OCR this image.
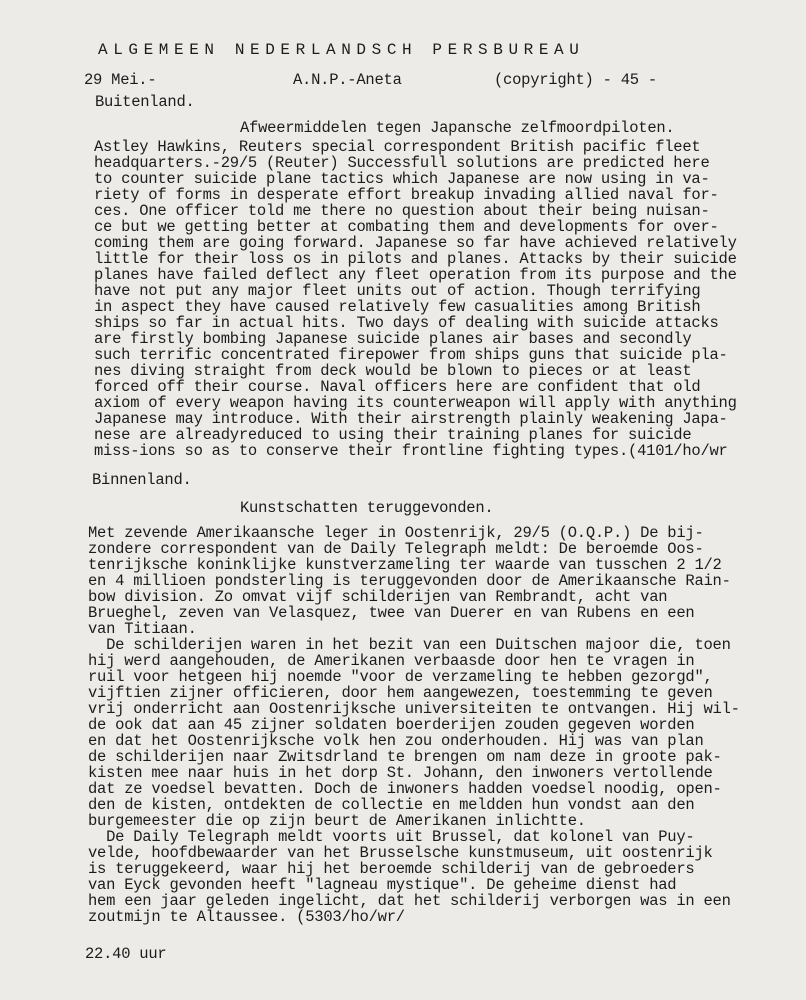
ALGEMEEN NEDERLANDSCH PERSBUREAU
29 Mei.-	A.N.P.-Aneta	(copyright) - 45 -
Buitenland.
Afweermiddelen tegen Japansche zelfmoordpiloten.
Astley Hawkins, Reuters special correspondent British pacific fleet
headquarters.-29/5 (Reuter) Successfull solutions are predicted here
to counter suicide plane tactics which Japanese are now using in va-
riety of forms in desperate effort breakup invading allied naval for-
ces. One officer told me there no question about their being nuisan-
ce but we getting better at combating them and developments for over-
coming them are going forward. Japanese so far have achieved relatively
little for their loss os in pilots and planes. Attacks by their suicide
planes have failed deflect any fleet operation from its purpose and the
have not put any major fleet units out of action. Though terrifying
in aspect they have caused relatively few casualities among British
ships so far in actual hits. Two days of dealing with suicide attacks
are firstly bombing Japanese suicide planes air bases and secondly
such terrific concentrated firepower from ships guns that suicide pla-
nes diving straight from deck would be blown to pieces or at least
forced off their course. Naval officers here are confident that old
axiom of every weapon having its counterweapon will apply with anything
Japanese may introduce. With their airstrength plainly weakening Japa-
nese are alreadyreduced to using their training planes for suicide
miss-ions so as to conserve their frontline fighting types.(4101/ho/wr
Binnenland.
Kunstschatten teruggevonden.
Met zevende Amerikaansche leger in Oostenrijk, 29/5 (O.Q.P.) De bij-
zondere correspondent van de Daily Telegraph meldt: De beroemde Oos-
tenrijksche koninklijke kunstverzameling ter waarde van tusschen 2 1/2
en 4 millioen pondsterling is teruggevonden door de Amerikaansche Rain-
bow division. Zo omvat vijf schilderijen van Rembrandt, acht van
Brueghel, zeven van Velasquez, twee van Duerer en van Rubens en een
van Titiaan.
De schilderijen waren in het bezit van een Duitschen majoor die, toen
hij werd aangehouden, de Amerikanen verbaasde door hen te vragen in
ruil voor hetgeen hij noemde "voor de verzameling te hebben gezorgd",
vijftien zijner officieren, door hem aangewezen, toestemming te geven
vrij onderricht aan Oostenrijksche universiteiten te ontvangen. Hij wil-
de ook dat aan 45 zijner soldaten boerderijen zouden gegeven worden
en dat het Oostenrijksche volk hen zou onderhouden. Hij was van plan
de schilderijen naar Zwitsdrland te brengen om nam deze in groote pak-
kisten mee naar huis in het dorp St. Johann, den inwoners vertollende
dat ze voedsel bevatten. Doch de inwoners hadden voedsel noodig, open-
den de kisten, ontdekten de collectie en meldden hun vondst aan den
burgemeester die op zijn beurt de Amerikanen inlichtte.
De Daily Telegraph meldt voorts uit Brussel, dat kolonel van Puy-
velde, hoofdbewaarder van het Brusselsche kunstmuseum, uit oostenrijk
is teruggekeerd, waar hij het beroemde schilderij van de gebroeders
van Eyck gevonden heeft "lagneau mystique". De geheime dienst had
hem een jaar geleden ingelicht, dat het schilderij verborgen was in een
zoutmijn te Altaussee. (5303/ho/wr/
22.40 uur
